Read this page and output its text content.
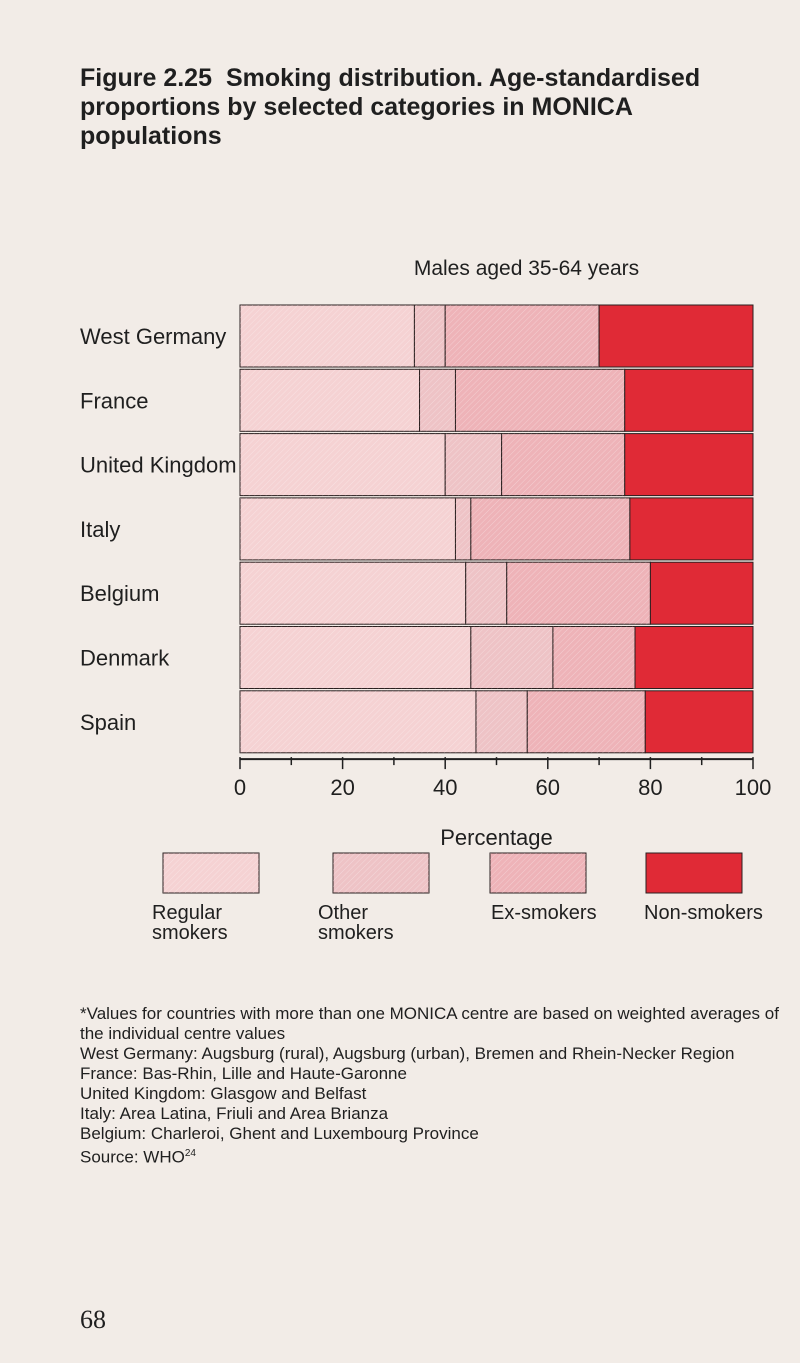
Figure 2.25 Smoking distribution. Age-standardised proportions by selected categories in MONICA populations
Males aged 35-64 years
West Germany
France
United Kingdom
Italy
Belgium
Denmark
Spain
0	20	40	60	80	100
Percentage
Regular
smokers
Other
smokers
Ex-smokers Non-smokers

*Values for countries with more than one MONICA centre are based on weighted averages of the individual centre values

West Germany: Augsburg (rural), Augsburg (urban), Bremen and Rhein-Necker Region

France: Bas-Rhin, Lille and Haute-Garonne

United Kingdom: Glasgow and Belfast

Italy: Area Latina, Friuli and Area Brianza

Belgium: Charleroi, Ghent and Luxembourg Province

Source: WHO$^{24}$

68
